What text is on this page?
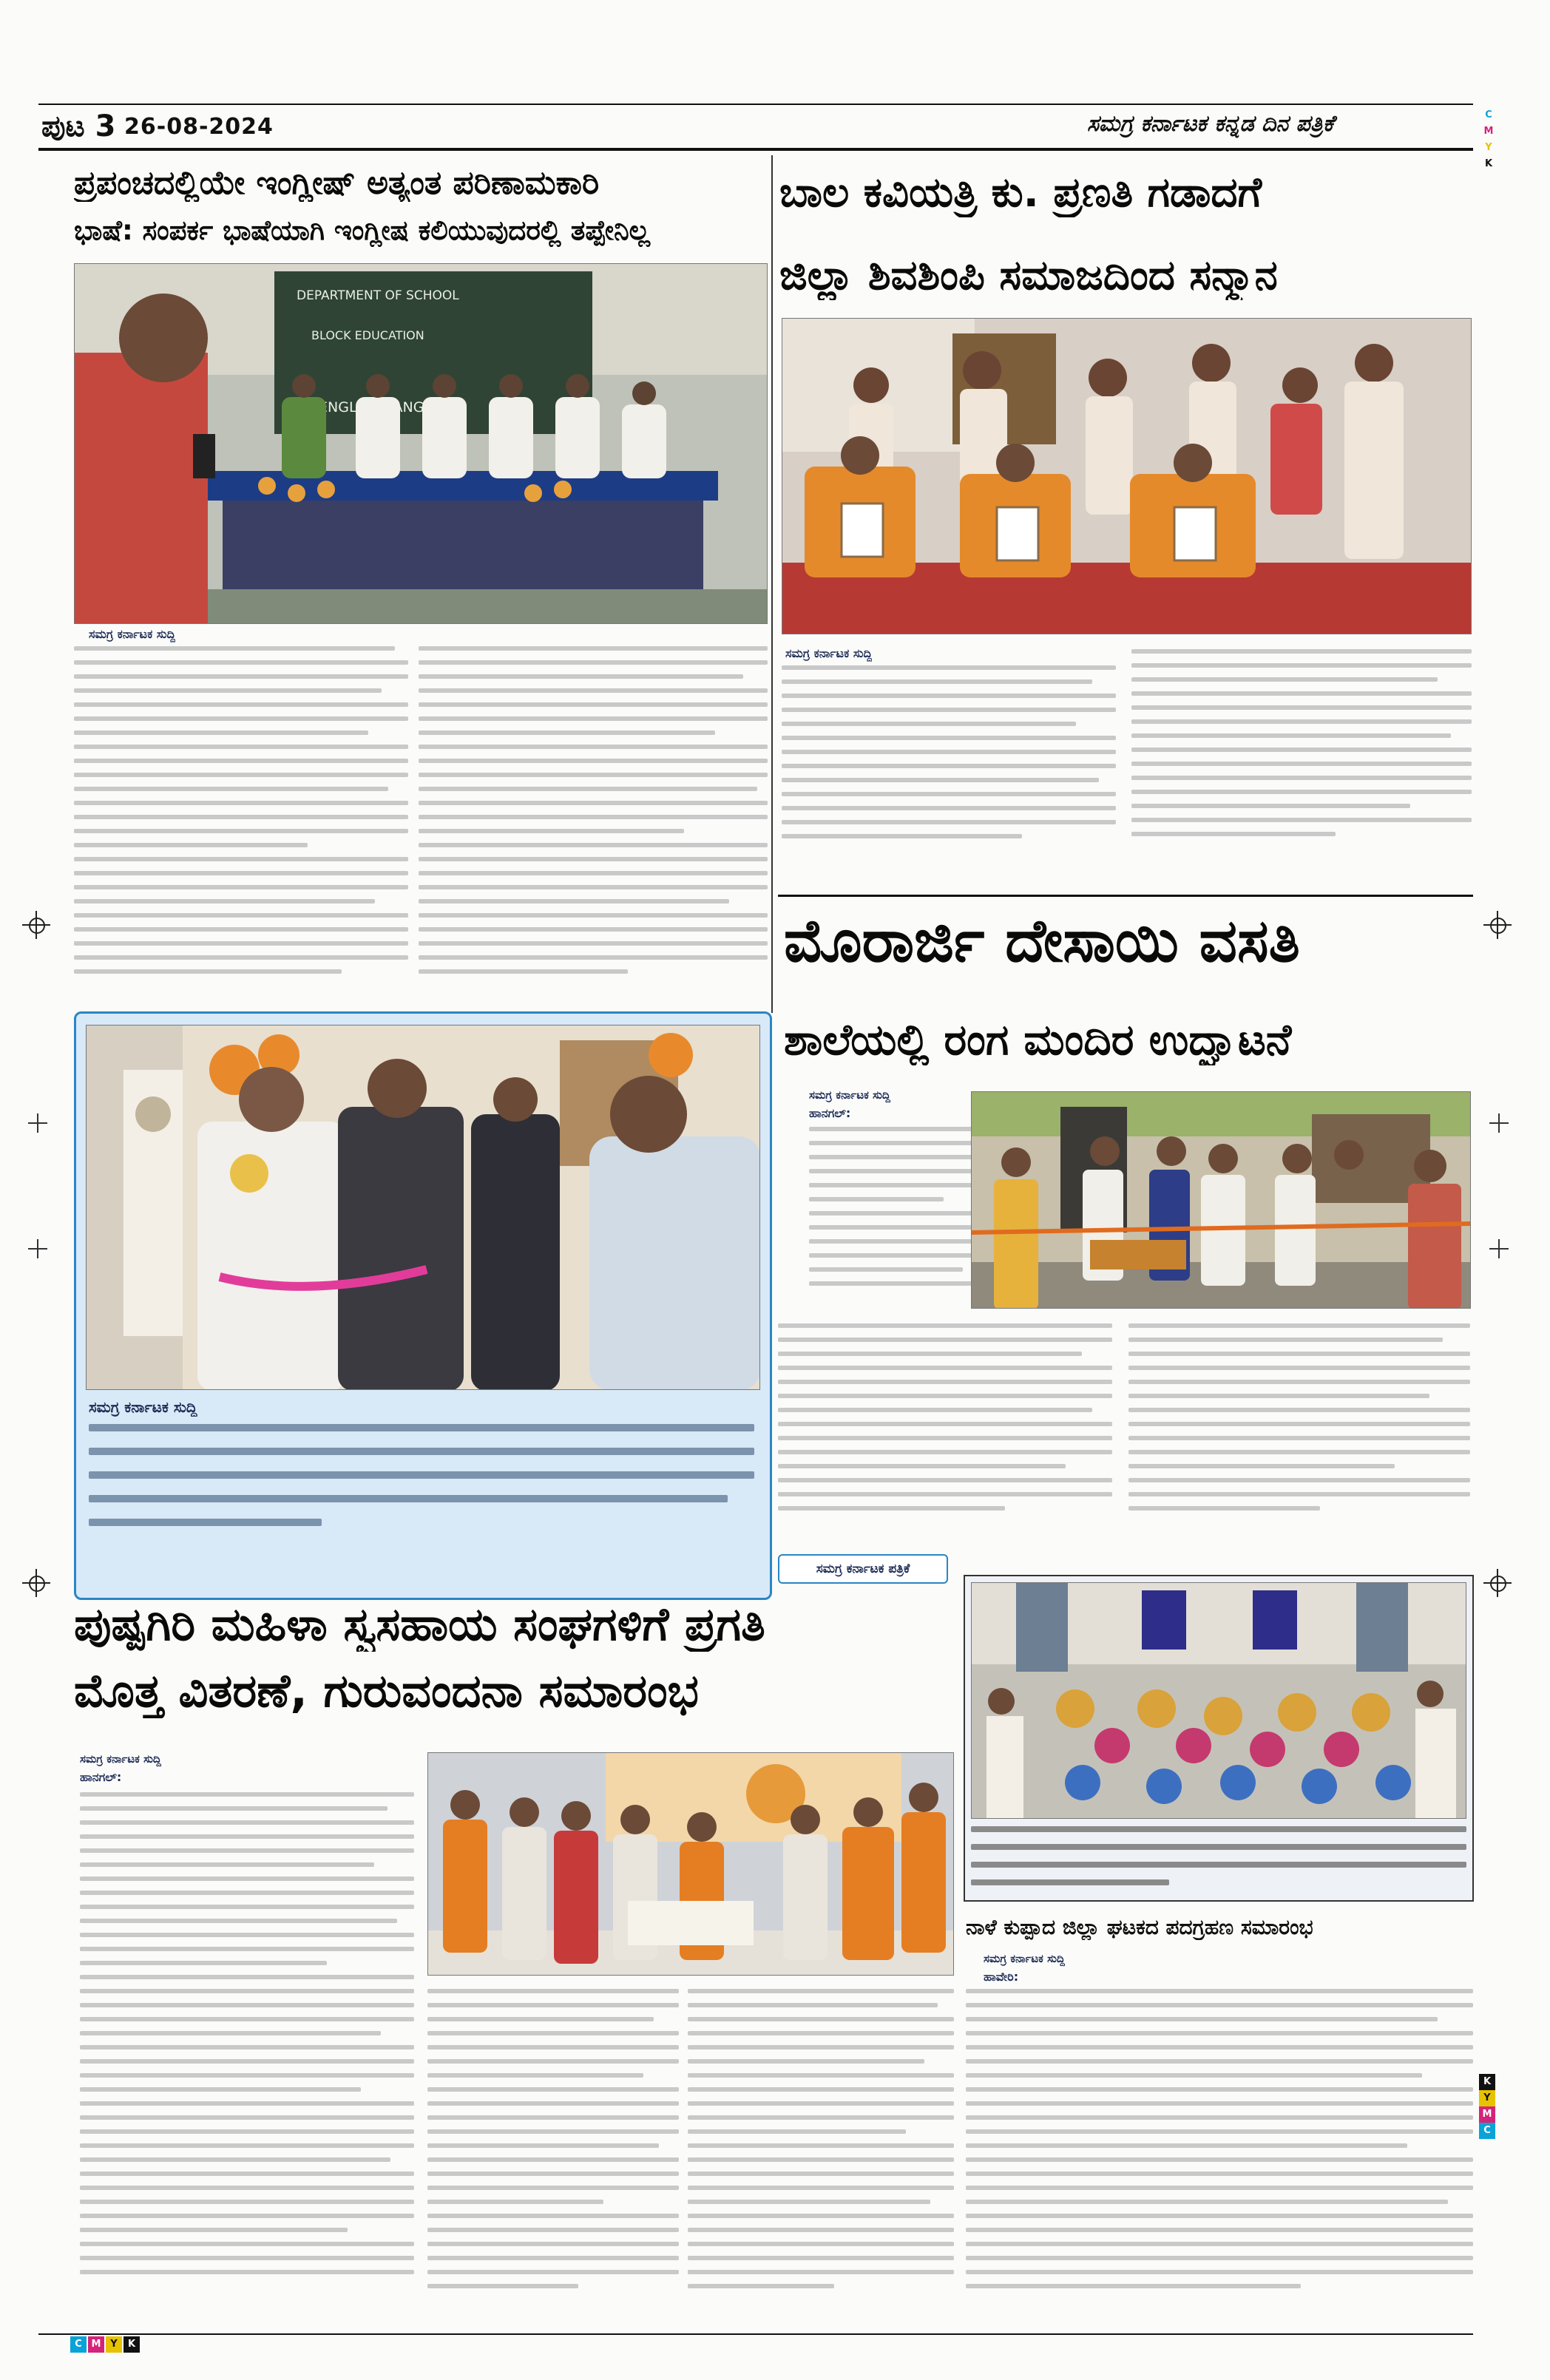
ಪುಟ 3 26-08-2024	ಸಮಗ್ರ ಕರ್ನಾಟಕ ಕನ್ನಡ ದಿನ ಪತ್ರಿಕೆ	C
M
Y
K
K
Y
M
C
C M Y	K
ಪ್ರಪಂಚದಲ್ಲಿಯೇ ಇಂಗ್ಲೀಷ್ ಅತ್ಯಂತ ಪರಿಣಾಮಕಾರಿ
ಭಾಷೆ: ಸಂಪರ್ಕ ಭಾಷೆಯಾಗಿ ಇಂಗ್ಲೀಷ ಕಲಿಯುವುದರಲ್ಲಿ ತಪ್ಪೇನಿಲ್ಲ
DEPARTMENT OF SCHOOL
BLOCK EDUCATION
ENGLISH
ಸಮಗ್ರ ಕರ್ನಾಟಕ ಸುದ್ದಿ
ಬಾಲ ಕವಿಯತ್ರಿ ಕು. ಪ್ರಣತಿ ಗಡಾದಗೆ
ಜಿಲ್ಲಾ ಶಿವಶಿಂಪಿ ಸಮಾಜದಿಂದ ಸನ್ಮಾನ
ಸಮಗ್ರ ಕರ್ನಾಟಕ ಸುದ್ದಿ
ಮೊರಾರ್ಜಿ ದೇಸಾಯಿ ವಸತಿ
ಶಾಲೆಯಲ್ಲಿ ರಂಗ ಮಂದಿರ ಉದ್ಘಾಟನೆ
ಸಮಗ್ರ ಕರ್ನಾಟಕ ಸುದ್ದಿ
ಹಾನಗಲ್:
ಸಮಗ್ರ ಕರ್ನಾಟಕ ಸುದ್ದಿ
ಸಮಗ್ರ ಕರ್ನಾಟಕ ಪತ್ರಿಕೆ
ಪುಷ್ಪಗಿರಿ ಮಹಿಳಾ ಸ್ವಸಹಾಯ ಸಂಘಗಳಿಗೆ ಪ್ರಗತಿ
ಮೊತ್ತ ವಿತರಣೆ, ಗುರುವಂದನಾ ಸಮಾರಂಭ
ಸಮಗ್ರ ಕರ್ನಾಟಕ ಸುದ್ದಿ
ಹಾನಗಲ್:
ನಾಳೆ ಕುಪ್ಪಾದ ಜಿಲ್ಲಾ ಘಟಕದ ಪದಗ್ರಹಣ ಸಮಾರಂಭ
ಸಮಗ್ರ ಕರ್ನಾಟಕ ಸುದ್ದಿ
ಹಾವೇರಿ:
